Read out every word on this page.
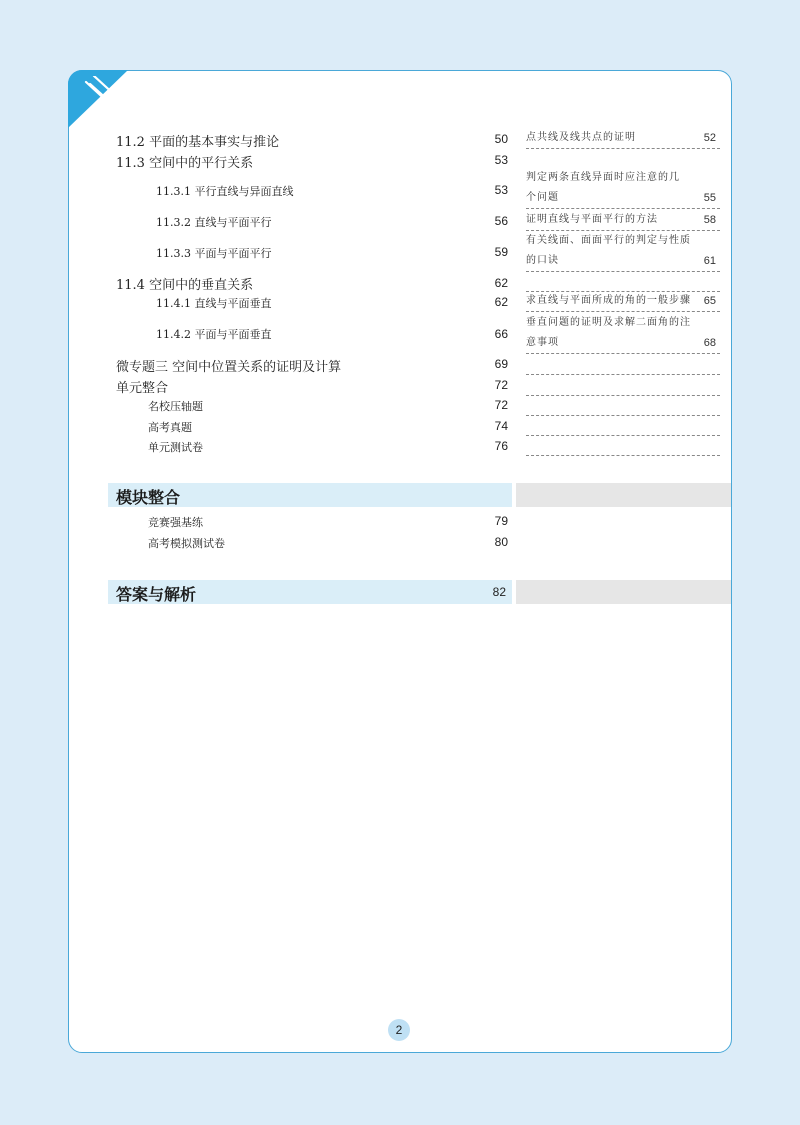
11.2 平面的基本事实与推论	50
11.3 空间中的平行关系	53
11.3.1 平行直线与异面直线	53
11.3.2 直线与平面平行	56
11.3.3 平面与平面平行	59
11.4 空间中的垂直关系	62
11.4.1 直线与平面垂直	62
11.4.2 平面与平面垂直	66
微专题三 空间中位置关系的证明及计算	69
单元整合	72
名校压轴题	72
高考真题	74
单元测试卷	76
点共线及线共点的证明	52
判定两条直线异面时应注意的几
个问题	55
证明直线与平面平行的方法	58
有关线面、面面平行的判定与性质
的口诀	61
求直线与平面所成的角的一般步骤 65
垂直问题的证明及求解二面角的注
意事项	68
模块整合
竞赛强基练	79
高考模拟测试卷	80
答案与解析	82
2
